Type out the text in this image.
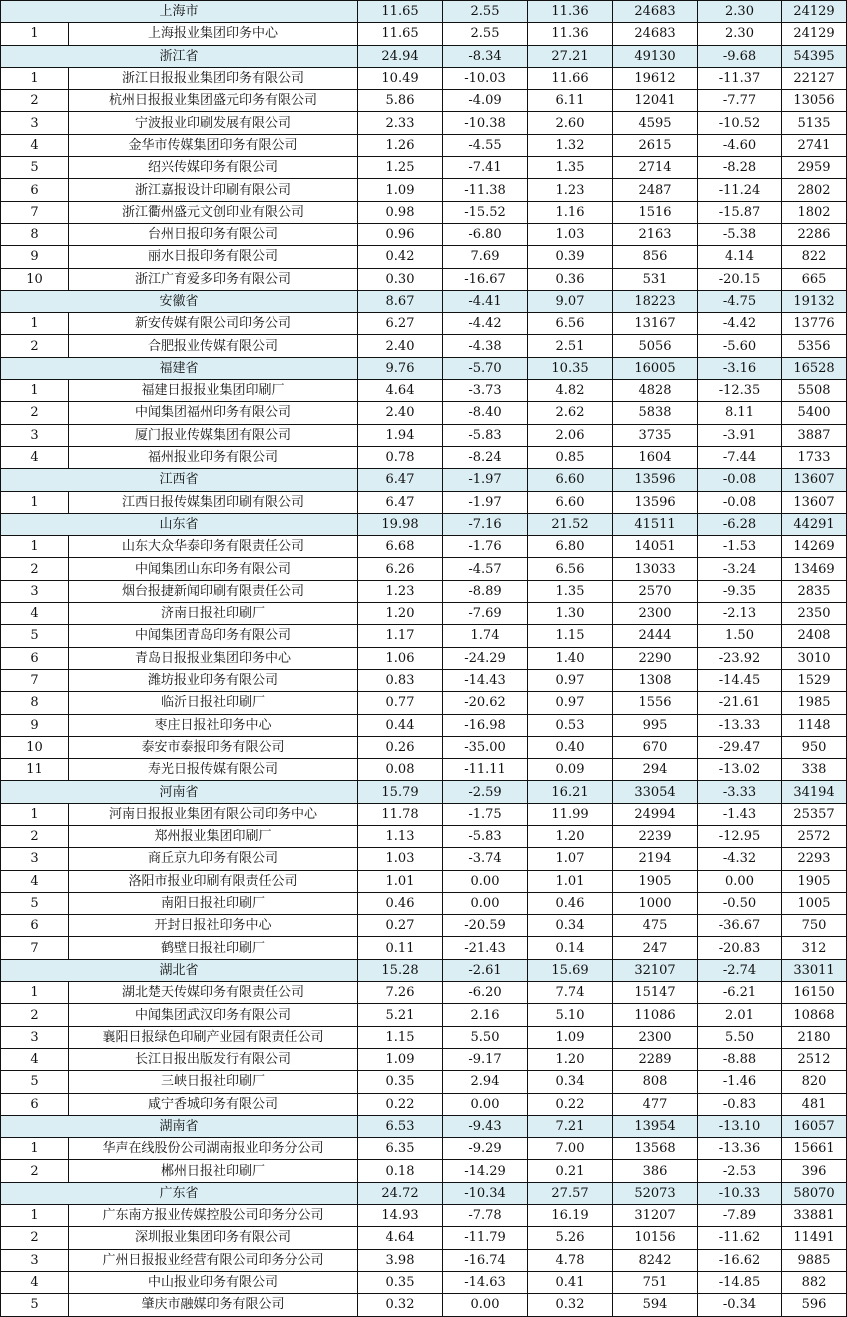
上海市		11.65	2.55	11.36	24683	2.30	24129
1	上海报业集团印务中心	11.65	2.55	11.36	24683	2.30	24129
浙江省		24.94	-8.34	27.21	49130	-9.68	54395
1	浙江日报报业集团印务有限公司	10.49	-10.03	11.66	19612	-11.37	22127
2	杭州日报报业集团盛元印务有限公司	5.86	-4.09	6.11	12041	-7.77	13056
3	宁波报业印刷发展有限公司	2.33	-10.38	2.60	4595	-10.52	5135
4	金华市传媒集团印务有限公司	1.26	-4.55	1.32	2615	-4.60	2741
5	绍兴传媒印务有限公司	1.25	-7.41	1.35	2714	-8.28	2959
6	浙江嘉报设计印刷有限公司	1.09	-11.38	1.23	2487	-11.24	2802
7	浙江衢州盛元文创印业有限公司	0.98	-15.52	1.16	1516	-15.87	1802
8	台州日报印务有限公司	0.96	-6.80	1.03	2163	-5.38	2286
9	丽水日报印务有限公司	0.42	7.69	0.39	856	4.14	822
10	浙江广育爱多印务有限公司	0.30	-16.67	0.36	531	-20.15	665
安徽省		8.67	-4.41	9.07	18223	-4.75	19132
1	新安传媒有限公司印务公司	6.27	-4.42	6.56	13167	-4.42	13776
2	合肥报业传媒有限公司	2.40	-4.38	2.51	5056	-5.60	5356
福建省		9.76	-5.70	10.35	16005	-3.16	16528
1	福建日报报业集团印刷厂	4.64	-3.73	4.82	4828	-12.35	5508
2	中闻集团福州印务有限公司	2.40	-8.40	2.62	5838	8.11	5400
3	厦门报业传媒集团有限公司	1.94	-5.83	2.06	3735	-3.91	3887
4	福州报业印务有限公司	0.78	-8.24	0.85	1604	-7.44	1733
江西省		6.47	-1.97	6.60	13596	-0.08	13607
1	江西日报传媒集团印刷有限公司	6.47	-1.97	6.60	13596	-0.08	13607
山东省		19.98	-7.16	21.52	41511	-6.28	44291
1	山东大众华泰印务有限责任公司	6.68	-1.76	6.80	14051	-1.53	14269
2	中闻集团山东印务有限公司	6.26	-4.57	6.56	13033	-3.24	13469
3	烟台报捷新闻印刷有限责任公司	1.23	-8.89	1.35	2570	-9.35	2835
4	济南日报社印刷厂	1.20	-7.69	1.30	2300	-2.13	2350
5	中闻集团青岛印务有限公司	1.17	1.74	1.15	2444	1.50	2408
6	青岛日报报业集团印务中心	1.06	-24.29	1.40	2290	-23.92	3010
7	潍坊报业印务有限公司	0.83	-14.43	0.97	1308	-14.45	1529
8	临沂日报社印刷厂	0.77	-20.62	0.97	1556	-21.61	1985
9	枣庄日报社印务中心	0.44	-16.98	0.53	995	-13.33	1148
10	泰安市泰报印务有限公司	0.26	-35.00	0.40	670	-29.47	950
11	寿光日报传媒有限公司	0.08	-11.11	0.09	294	-13.02	338
河南省		15.79	-2.59	16.21	33054	-3.33	34194
1	河南日报报业集团有限公司印务中心	11.78	-1.75	11.99	24994	-1.43	25357
2	郑州报业集团印刷厂	1.13	-5.83	1.20	2239	-12.95	2572
3	商丘京九印务有限公司	1.03	-3.74	1.07	2194	-4.32	2293
4	洛阳市报业印刷有限责任公司	1.01	0.00	1.01	1905	0.00	1905
5	南阳日报社印刷厂	0.46	0.00	0.46	1000	-0.50	1005
6	开封日报社印务中心	0.27	-20.59	0.34	475	-36.67	750
7	鹤壁日报社印刷厂	0.11	-21.43	0.14	247	-20.83	312
湖北省		15.28	-2.61	15.69	32107	-2.74	33011
1	湖北楚天传媒印务有限责任公司	7.26	-6.20	7.74	15147	-6.21	16150
2	中闻集团武汉印务有限公司	5.21	2.16	5.10	11086	2.01	10868
3	襄阳日报绿色印刷产业园有限责任公司	1.15	5.50	1.09	2300	5.50	2180
4	长江日报出版发行有限公司	1.09	-9.17	1.20	2289	-8.88	2512
5	三峡日报社印刷厂	0.35	2.94	0.34	808	-1.46	820
6	咸宁香城印务有限公司	0.22	0.00	0.22	477	-0.83	481
湖南省		6.53	-9.43	7.21	13954	-13.10	16057
1	华声在线股份公司湖南报业印务分公司	6.35	-9.29	7.00	13568	-13.36	15661
2	郴州日报社印刷厂	0.18	-14.29	0.21	386	-2.53	396
广东省		24.72	-10.34	27.57	52073	-10.33	58070
1	广东南方报业传媒控股公司印务分公司	14.93	-7.78	16.19	31207	-7.89	33881
2	深圳报业集团印务有限公司	4.64	-11.79	5.26	10156	-11.62	11491
3	广州日报报业经营有限公司印务分公司	3.98	-16.74	4.78	8242	-16.62	9885
4	中山报业印务有限公司	0.35	-14.63	0.41	751	-14.85	882
5	肇庆市融媒印务有限公司	0.32	0.00	0.32	594	-0.34	596
